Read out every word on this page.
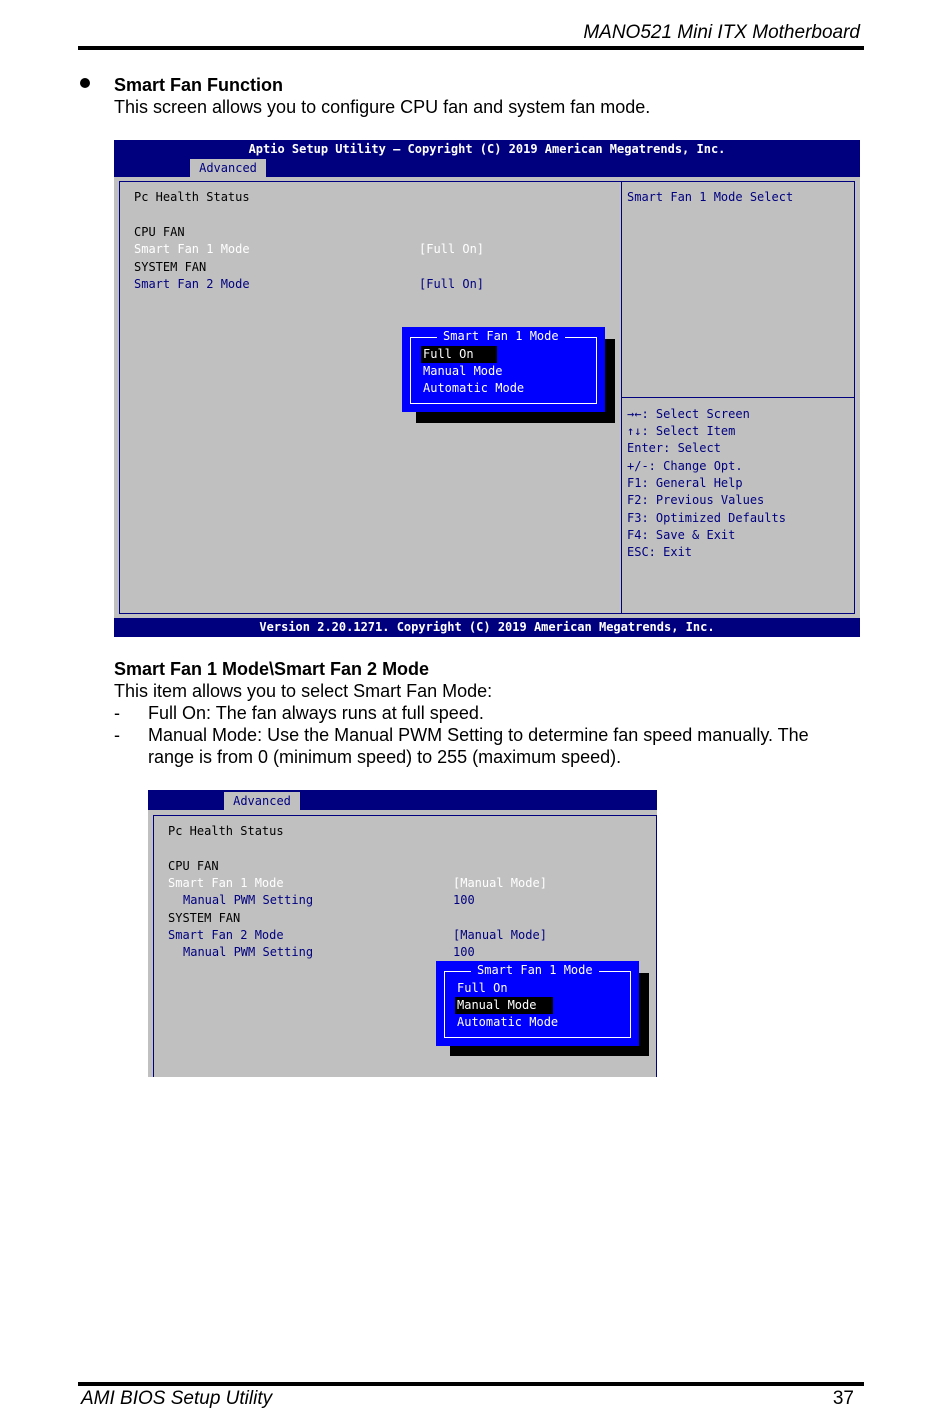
MANO521 Mini ITX Motherboard
Smart Fan Function
This screen allows you to configure CPU fan and system fan mode.
Aptio Setup Utility – Copyright (C) 2019 American Megatrends, Inc.
Advanced
Pc Health Status
CPU FAN
Smart Fan 1 Mode	[Full On]
SYSTEM FAN
Smart Fan 2 Mode	[Full On]
Smart Fan 1 Mode Select
→←: Select Screen
↑↓: Select Item
Enter: Select
+/-: Change Opt.
F1: General Help
F2: Previous Values
F3: Optimized Defaults
F4: Save & Exit
ESC: Exit
Smart Fan 1 Mode
Full On
Manual Mode
Automatic Mode
Version 2.20.1271. Copyright (C) 2019 American Megatrends, Inc.
Smart Fan 1 Mode\Smart Fan 2 Mode
This item allows you to select Smart Fan Mode:
- Full On: The fan always runs at full speed.
- Manual Mode: Use the Manual PWM Setting to determine fan speed manually. The
range is from 0 (minimum speed) to 255 (maximum speed).
Advanced
Pc Health Status
CPU FAN
Smart Fan 1 Mode	[Manual Mode]
Manual PWM Setting	100
SYSTEM FAN
Smart Fan 2 Mode	[Manual Mode]
Manual PWM Setting	100
Smart Fan 1 Mode
Full On
Manual Mode
Automatic Mode
AMI BIOS Setup Utility	37
